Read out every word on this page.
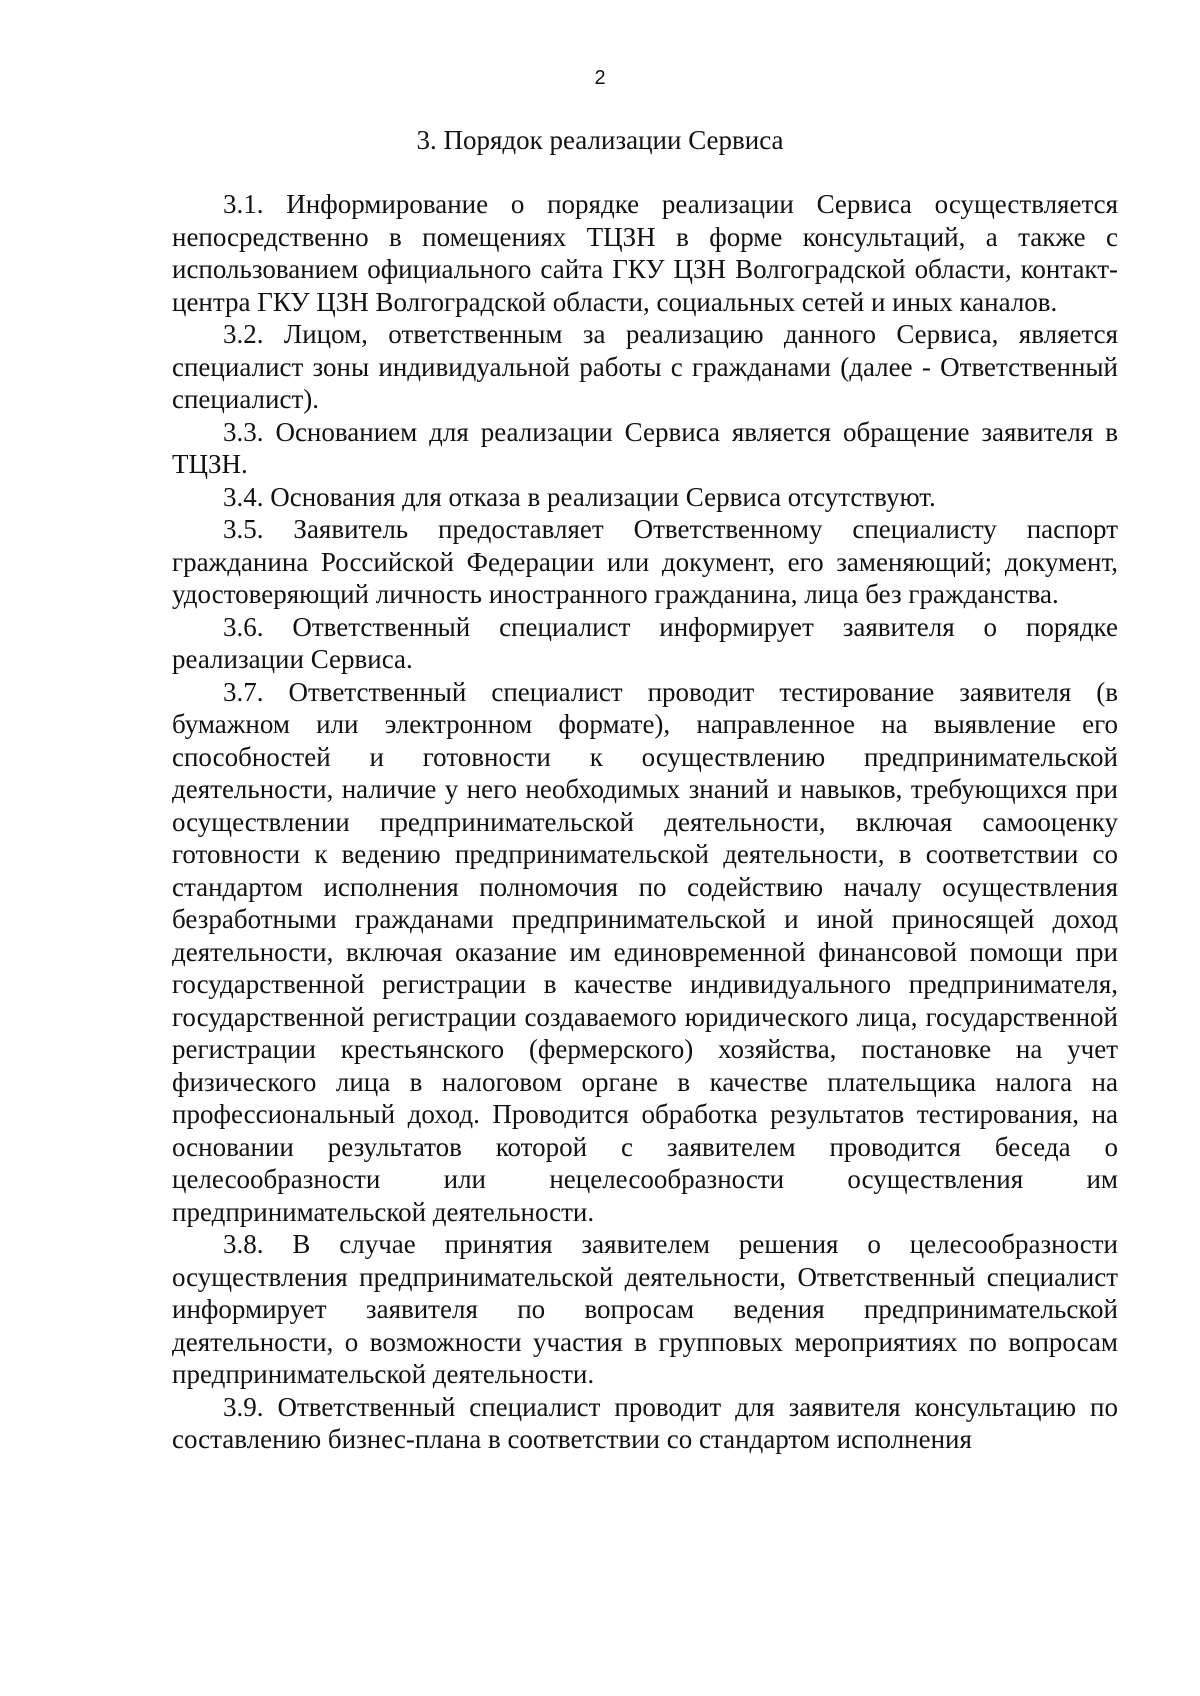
2
3. Порядок реализации Сервиса

3.1. Информирование о порядке реализации Сервиса осуществляется непосредственно в помещениях ТЦЗН в форме консультаций, а также с использованием официального сайта ГКУ ЦЗН Волгоградской области, контакт-центра ГКУ ЦЗН Волгоградской области, социальных сетей и иных каналов.

3.2. Лицом, ответственным за реализацию данного Сервиса, является специалист зоны индивидуальной работы с гражданами (далее - Ответственный специалист).

3.3. Основанием для реализации Сервиса является обращение заявителя в ТЦЗН.

3.4. Основания для отказа в реализации Сервиса отсутствуют.

3.5. Заявитель предоставляет Ответственному специалисту паспорт гражданина Российской Федерации или документ, его заменяющий; документ, удостоверяющий личность иностранного гражданина, лица без гражданства.

3.6. Ответственный специалист информирует заявителя о порядке реализации Сервиса.

3.7. Ответственный специалист проводит тестирование заявителя (в бумажном или электронном формате), направленное на выявление его способностей и готовности к осуществлению предпринимательской деятельности, наличие у него необходимых знаний и навыков, требующихся при осуществлении предпринимательской деятельности, включая самооценку готовности к ведению предпринимательской деятельности, в соответствии со стандартом исполнения полномочия по содействию началу осуществления безработными гражданами предпринимательской и иной приносящей доход деятельности, включая оказание им единовременной финансовой помощи при государственной регистрации в качестве индивидуального предпринимателя, государственной регистрации создаваемого юридического лица, государственной регистрации крестьянского (фермерского) хозяйства, постановке на учет физического лица в налоговом органе в качестве плательщика налога на профессиональный доход. Проводится обработка результатов тестирования, на основании результатов которой с заявителем проводится беседа о целесообразности или нецелесообразности осуществления им предпринимательской деятельности.

3.8. В случае принятия заявителем решения о целесообразности осуществления предпринимательской деятельности, Ответственный специалист информирует заявителя по вопросам ведения предпринимательской деятельности, о возможности участия в групповых мероприятиях по вопросам предпринимательской деятельности.

3.9. Ответственный специалист проводит для заявителя консультацию по составлению бизнес-плана в соответствии со стандартом исполнения
